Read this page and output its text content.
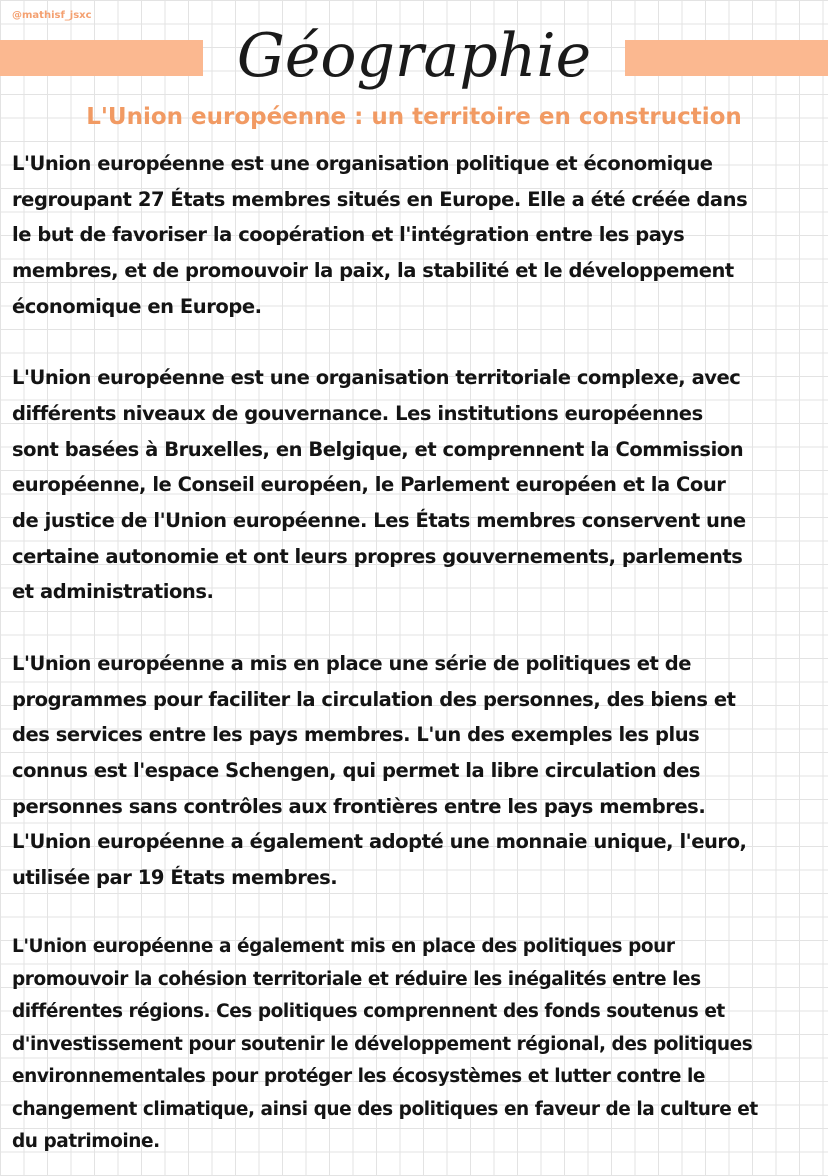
@mathisf_jsxc
Géographie
L'Union européenne : un territoire en construction

L'Union européenne est une organisation politique et économique
regroupant 27 États membres situés en Europe. Elle a été créée dans
le but de favoriser la coopération et l'intégration entre les pays
membres, et de promouvoir la paix, la stabilité et le développement
économique en Europe.

L'Union européenne est une organisation territoriale complexe, avec
différents niveaux de gouvernance. Les institutions européennes
sont basées à Bruxelles, en Belgique, et comprennent la Commission
européenne, le Conseil européen, le Parlement européen et la Cour
de justice de l'Union européenne. Les États membres conservent une
certaine autonomie et ont leurs propres gouvernements, parlements
et administrations.

L'Union européenne a mis en place une série de politiques et de
programmes pour faciliter la circulation des personnes, des biens et
des services entre les pays membres. L'un des exemples les plus
connus est l'espace Schengen, qui permet la libre circulation des
personnes sans contrôles aux frontières entre les pays membres.
L'Union européenne a également adopté une monnaie unique, l'euro,
utilisée par 19 États membres.

L'Union européenne a également mis en place des politiques pour
promouvoir la cohésion territoriale et réduire les inégalités entre les
différentes régions. Ces politiques comprennent des fonds soutenus et
d'investissement pour soutenir le développement régional, des politiques
environnementales pour protéger les écosystèmes et lutter contre le
changement climatique, ainsi que des politiques en faveur de la culture et
du patrimoine.
